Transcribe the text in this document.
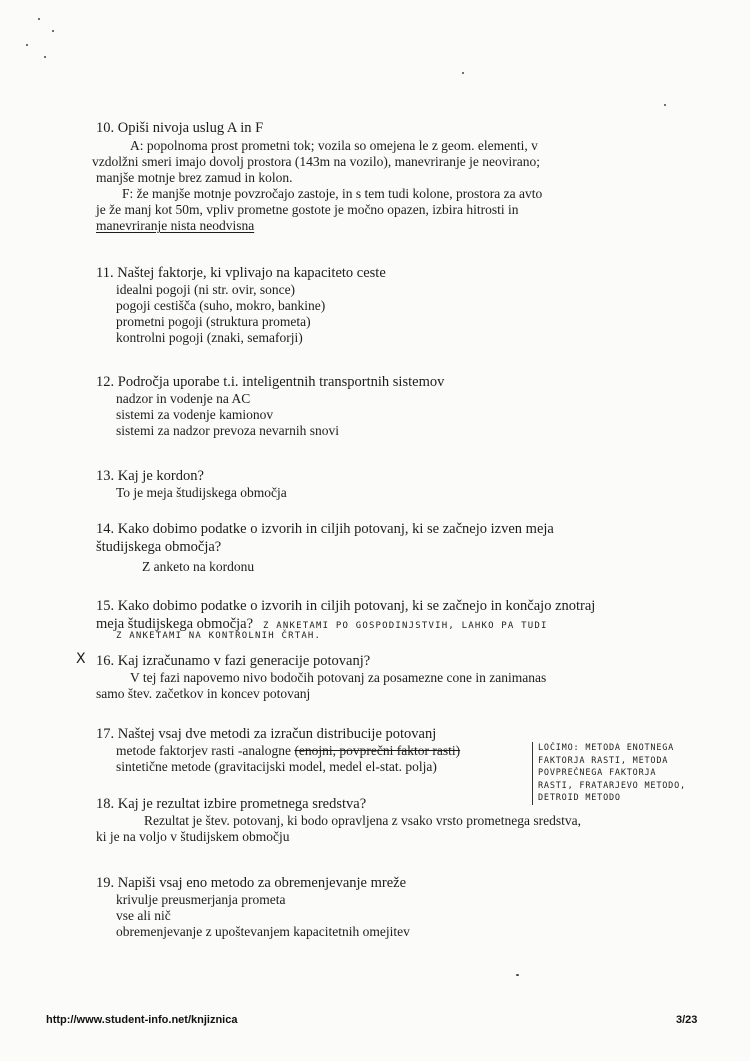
10. Opiši nivoja uslug A in F
A: popolnoma prost prometni tok; vozila so omejena le z geom. elementi, v
vzdolžni smeri imajo dovolj prostora (143m na vozilo), manevriranje je neovirano;
manjše motnje brez zamud in kolon.
F: že manjše motnje povzročajo zastoje, in s tem tudi kolone, prostora za avto
je že manj kot 50m, vpliv prometne gostote je močno opazen, izbira hitrosti in
manevriranje nista neodvisna
11. Naštej faktorje, ki vplivajo na kapaciteto ceste
idealni pogoji (ni str. ovir, sonce)
pogoji cestišča (suho, mokro, bankine)
prometni pogoji (struktura prometa)
kontrolni pogoji (znaki, semaforji)
12. Področja uporabe t.i. inteligentnih transportnih sistemov
nadzor in vodenje na AC
sistemi za vodenje kamionov
sistemi za nadzor prevoza nevarnih snovi
13. Kaj je kordon?
To je meja študijskega območja
14. Kako dobimo podatke o izvorih in ciljih potovanj, ki se začnejo izven meja
študijskega območja?
Z anketo na kordonu
15. Kako dobimo podatke o izvorih in ciljih potovanj, ki se začnejo in končajo znotraj
meja študijskega območja? Z ANKETAMI PO GOSPODINJSTVIH, LAHKO PA TUDI
Z ANKETAMI NA KONTROLNIH ČRTAH.
X 16. Kaj izračunamo v fazi generacije potovanj?
V tej fazi napovemo nivo bodočih potovanj za posamezne cone in zanimanas
samo štev. začetkov in koncev potovanj
17. Naštej vsaj dve metodi za izračun distribucije potovanj
metode faktorjev rasti -analogne (enojni, povprečni faktor rasti)
sintetične metode (gravitacijski model, medel el-stat. polja)
LOČIMO: METODA ENOTNEGA
FAKTORJA RASTI, METODA
POVPREČNEGA FAKTORJA
RASTI, FRATARJEVO METODO,
DETROID METODO
18. Kaj je rezultat izbire prometnega sredstva?
Rezultat je štev. potovanj, ki bodo opravljena z vsako vrsto prometnega sredstva,
ki je na voljo v študijskem območju
19. Napiši vsaj eno metodo za obremenjevanje mreže
krivulje preusmerjanja prometa
vse ali nič
obremenjevanje z upoštevanjem kapacitetnih omejitev
http://www.student-info.net/knjiznica	3/23
